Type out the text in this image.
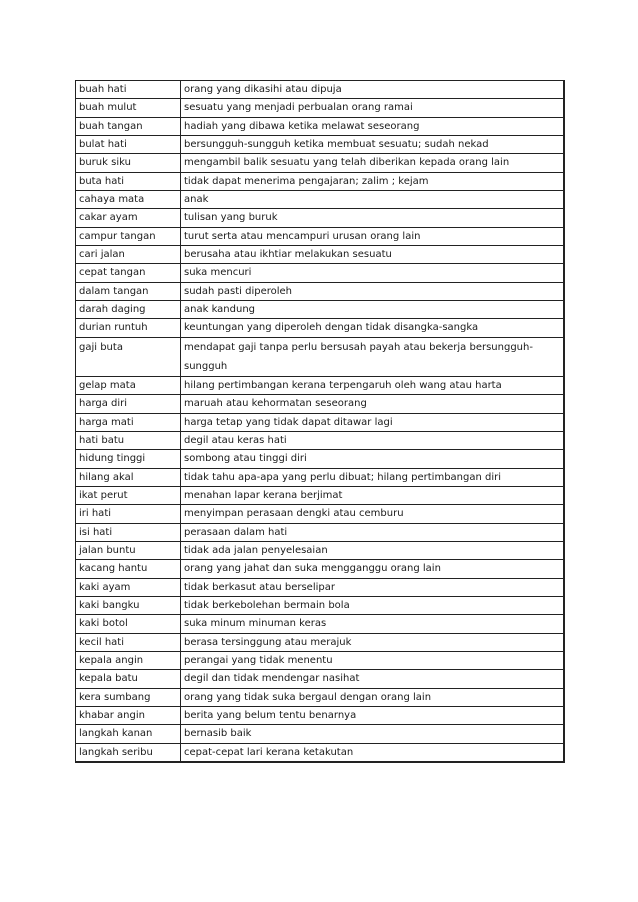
buah hati	orang yang dikasihi atau dipuja
buah mulut	sesuatu yang menjadi perbualan orang ramai
buah tangan	hadiah yang dibawa ketika melawat seseorang
bulat hati	bersungguh-sungguh ketika membuat sesuatu; sudah nekad
buruk siku	mengambil balik sesuatu yang telah diberikan kepada orang lain
buta hati	tidak dapat menerima pengajaran; zalim ; kejam
cahaya mata	anak
cakar ayam	tulisan yang buruk
campur tangan	turut serta atau mencampuri urusan orang lain
cari jalan	berusaha atau ikhtiar melakukan sesuatu
cepat tangan	suka mencuri
dalam tangan	sudah pasti diperoleh
darah daging	anak kandung
durian runtuh	keuntungan yang diperoleh dengan tidak disangka-sangka
gaji buta	mendapat gaji tanpa perlu bersusah payah atau bekerja bersungguh-sungguh
gelap mata	hilang pertimbangan kerana terpengaruh oleh wang atau harta
harga diri	maruah atau kehormatan seseorang
harga mati	harga tetap yang tidak dapat ditawar lagi
hati batu	degil atau keras hati
hidung tinggi	sombong atau tinggi diri
hilang akal	tidak tahu apa-apa yang perlu dibuat; hilang pertimbangan diri
ikat perut	menahan lapar kerana berjimat
iri hati	menyimpan perasaan dengki atau cemburu
isi hati	perasaan dalam hati
jalan buntu	tidak ada jalan penyelesaian
kacang hantu	orang yang jahat dan suka mengganggu orang lain
kaki ayam	tidak berkasut atau berselipar
kaki bangku	tidak berkebolehan bermain bola
kaki botol	suka minum minuman keras
kecil hati	berasa tersinggung atau merajuk
kepala angin	perangai yang tidak menentu
kepala batu	degil dan tidak mendengar nasihat
kera sumbang	orang yang tidak suka bergaul dengan orang lain
khabar angin	berita yang belum tentu benarnya
langkah kanan	bernasib baik
langkah seribu	cepat-cepat lari kerana ketakutan
